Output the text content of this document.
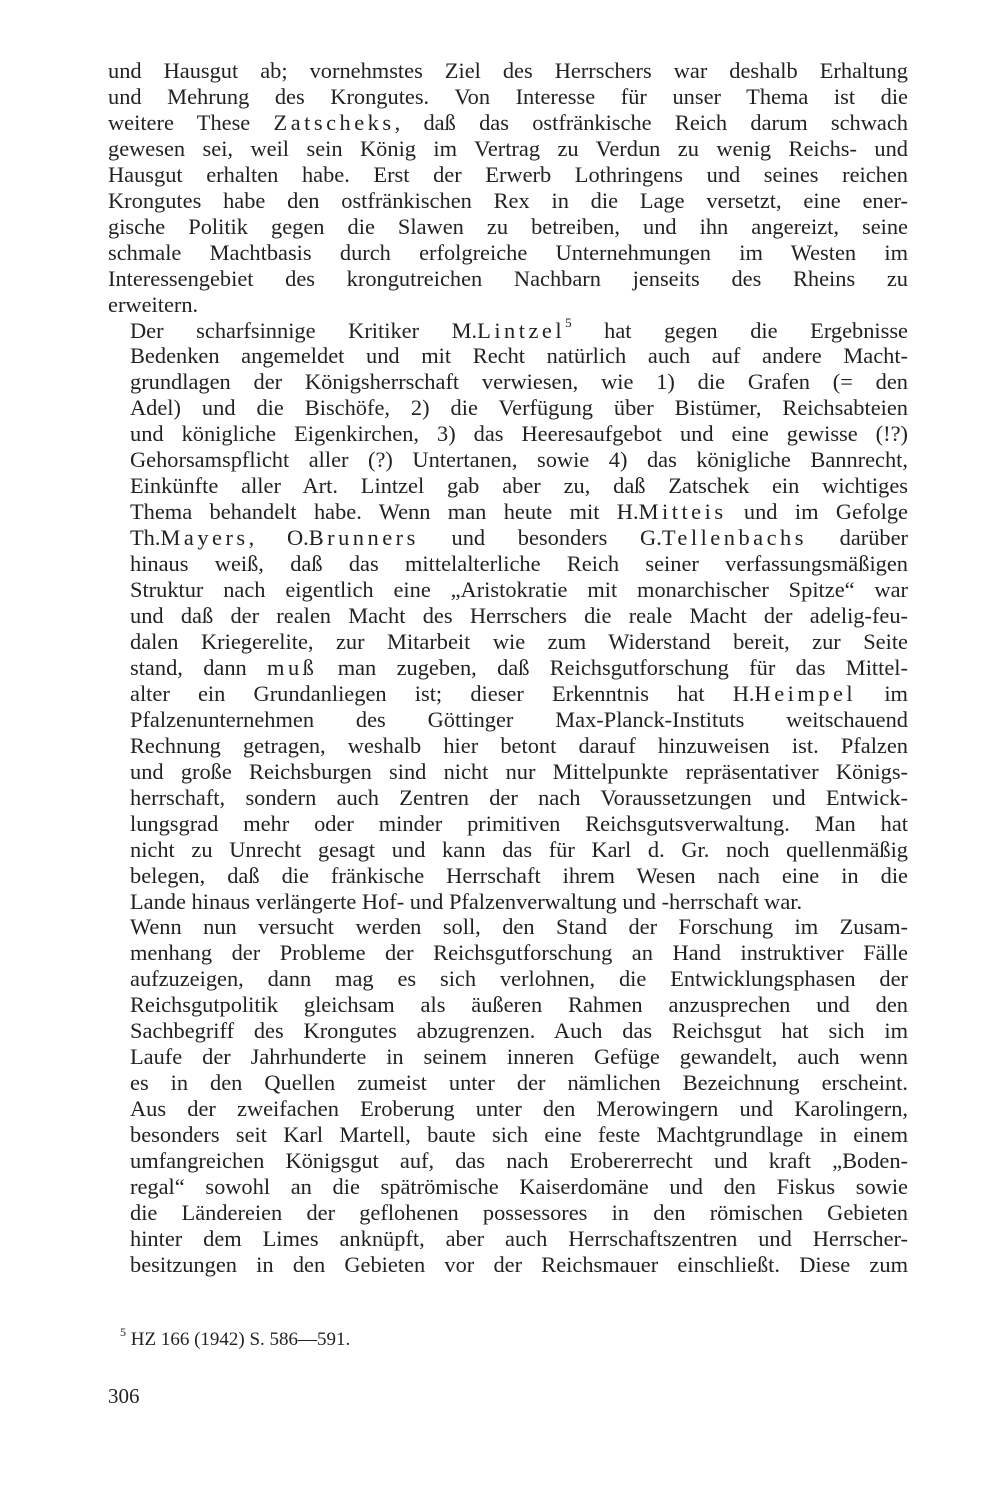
und Hausgut ab; vornehmstes Ziel des Herrschers war deshalb Erhaltung
und Mehrung des Krongutes. Von Interesse für unser Thema ist die
weitere These Zatscheks, daß das ostfränkische Reich darum schwach
gewesen sei, weil sein König im Vertrag zu Verdun zu wenig Reichs- und
Hausgut erhalten habe. Erst der Erwerb Lothringens und seines reichen
Krongutes habe den ostfränkischen Rex in die Lage versetzt, eine ener-
gische Politik gegen die Slawen zu betreiben, und ihn angereizt, seine
schmale Machtbasis durch erfolgreiche Unternehmungen im Westen im
Interessengebiet des krongutreichen Nachbarn jenseits des Rheins zu
erweitern.

Der scharfsinnige Kritiker M.Lintzel$^5$ hat gegen die Ergebnisse
Bedenken angemeldet und mit Recht natürlich auch auf andere Macht-
grundlagen der Königsherrschaft verwiesen, wie 1) die Grafen (= den
Adel) und die Bischöfe, 2) die Verfügung über Bistümer, Reichsabteien
und königliche Eigenkirchen, 3) das Heeresaufgebot und eine gewisse (!?)
Gehorsamspflicht aller (?) Untertanen, sowie 4) das königliche Bannrecht,
Einkünfte aller Art. Lintzel gab aber zu, daß Zatschek ein wichtiges
Thema behandelt habe. Wenn man heute mit H.Mitteis und im Gefolge
Th.Mayers, O.Brunners und besonders G.Tellenbachs darüber
hinaus weiß, daß das mittelalterliche Reich seiner verfassungsmäßigen
Struktur nach eigentlich eine „Aristokratie mit monarchischer Spitze“ war
und daß der realen Macht des Herrschers die reale Macht der adelig-feu-
dalen Kriegerelite, zur Mitarbeit wie zum Widerstand bereit, zur Seite
stand, dann muß man zugeben, daß Reichsgutforschung für das Mittel-
alter ein Grundanliegen ist; dieser Erkenntnis hat H.Heimpel im
Pfalzenunternehmen des Göttinger Max-Planck-Instituts weitschauend
Rechnung getragen, weshalb hier betont darauf hinzuweisen ist. Pfalzen
und große Reichsburgen sind nicht nur Mittelpunkte repräsentativer Königs-
herrschaft, sondern auch Zentren der nach Voraussetzungen und Entwick-
lungsgrad mehr oder minder primitiven Reichsgutsverwaltung. Man hat
nicht zu Unrecht gesagt und kann das für Karl d. Gr. noch quellenmäßig
belegen, daß die fränkische Herrschaft ihrem Wesen nach eine in die
Lande hinaus verlängerte Hof- und Pfalzenverwaltung und -herrschaft war.

Wenn nun versucht werden soll, den Stand der Forschung im Zusam-
menhang der Probleme der Reichsgutforschung an Hand instruktiver Fälle
aufzuzeigen, dann mag es sich verlohnen, die Entwicklungsphasen der
Reichsgutpolitik gleichsam als äußeren Rahmen anzusprechen und den
Sachbegriff des Krongutes abzugrenzen. Auch das Reichsgut hat sich im
Laufe der Jahrhunderte in seinem inneren Gefüge gewandelt, auch wenn
es in den Quellen zumeist unter der nämlichen Bezeichnung erscheint.
Aus der zweifachen Eroberung unter den Merowingern und Karolingern,
besonders seit Karl Martell, baute sich eine feste Machtgrundlage in einem
umfangreichen Königsgut auf, das nach Erobererrecht und kraft „Boden-
regal“ sowohl an die spätrömische Kaiserdomäne und den Fiskus sowie
die Ländereien der geflohenen possessores in den römischen Gebieten
hinter dem Limes anknüpft, aber auch Herrschaftszentren und Herrscher-
besitzungen in den Gebieten vor der Reichsmauer einschließt. Diese zum

$^5$ HZ 166 (1942) S. 586—591.
306
